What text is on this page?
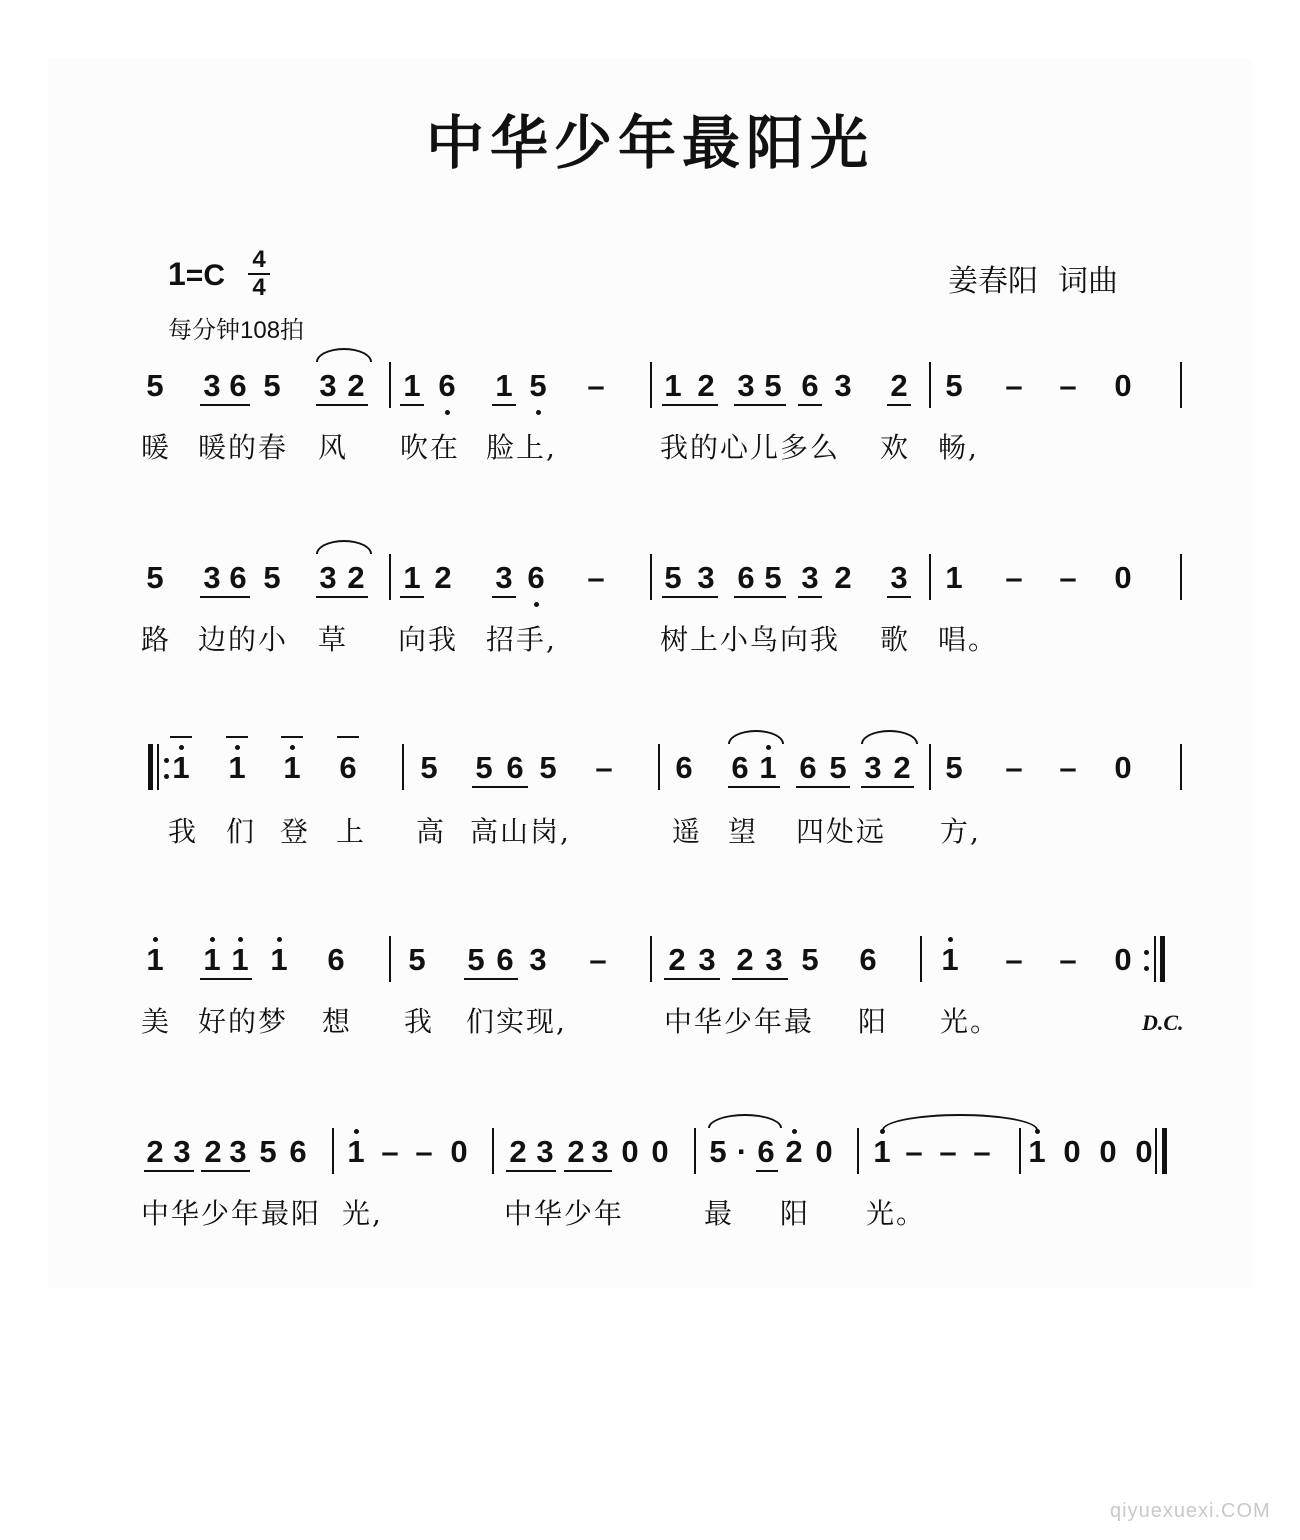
中华少年最阳光
1=C 4
4
每分钟108拍
姜春阳 词曲
5 3 6 5 3 2 1 6 1 5 – 1 2 3 5 6 3 2 5 – – 0
5 3 6 5 3 2 1 2 3 6 – 5 3 6 5 3 2 3 1 – – 0
1 1 1 6 5 5 6 5 – 6 6 1 6 5 3 2 5 – – 0
1 1 1 1 6 5 5 6 3 – 2 3 2 3 5 6 1 – – 0
2 3 2 3 5 6 1 – – 0 2 3 2 3 0 0 5 · 6 2 0 1 – – – 1 0 0 0
暖 暖的春 风 吹在 脸上,	我的心儿多么 欢 畅,
路 边的小 草 向我 招手,	树上小鸟向我 歌 唱。
我 们 登 上 高 高山岗,	遥 望 四处远 方,
美 好的梦 想 我 们实现,	中华少年最 阳 光。
中华少年最阳 光,	中华少年	最 阳 光。
D.C.
qiyuexuexi.COM
